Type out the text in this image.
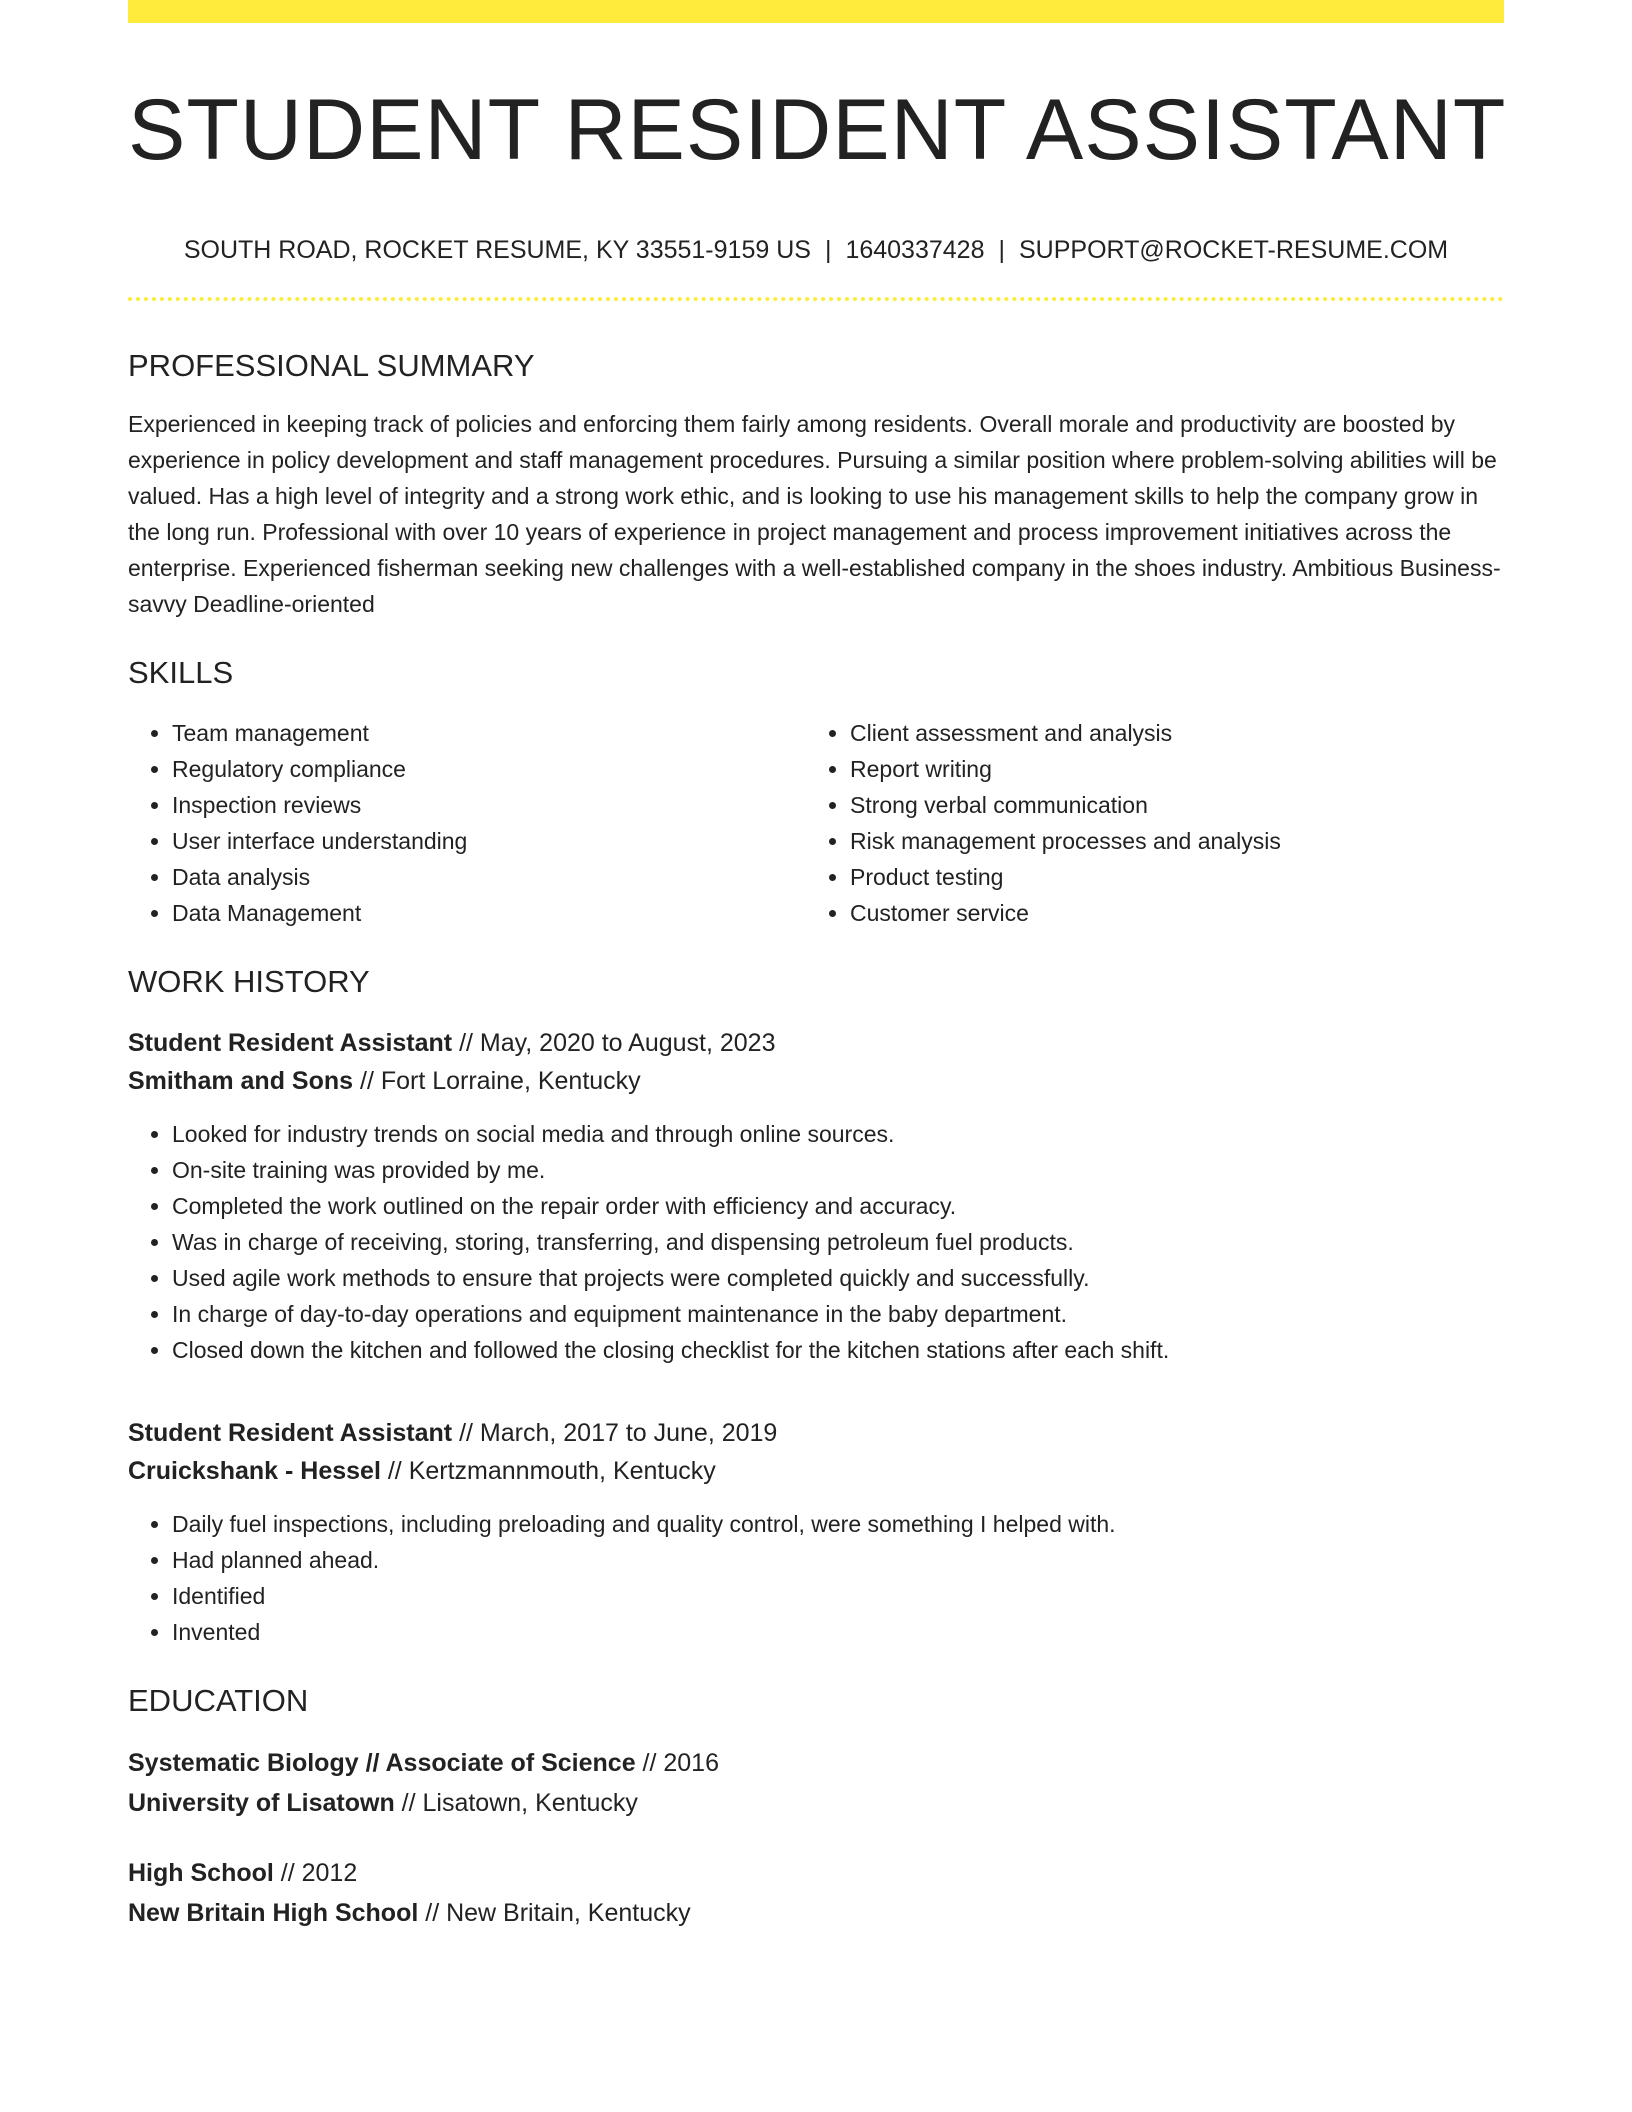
STUDENT RESIDENT ASSISTANT
SOUTH ROAD, ROCKET RESUME, KY 33551-9159 US | 1640337428 | SUPPORT@ROCKET-RESUME.COM
PROFESSIONAL SUMMARY

Experienced in keeping track of policies and enforcing them fairly among residents. Overall morale and productivity are boosted by experience in policy development and staff management procedures. Pursuing a similar position where problem-solving abilities will be valued. Has a high level of integrity and a strong work ethic, and is looking to use his management skills to help the company grow in the long run. Professional with over 10 years of experience in project management and process improvement initiatives across the enterprise. Experienced fisherman seeking new challenges with a well-established company in the shoes industry. Ambitious Business-savvy Deadline-oriented

SKILLS
• Team management
• Regulatory compliance
• Inspection reviews
• User interface understanding
• Data analysis
• Data Management
• Client assessment and analysis
• Report writing
• Strong verbal communication
• Risk management processes and analysis
• Product testing
• Customer service
WORK HISTORY
Student Resident Assistant // May, 2020 to August, 2023
Smitham and Sons // Fort Lorraine, Kentucky
• Looked for industry trends on social media and through online sources.
• On-site training was provided by me.
• Completed the work outlined on the repair order with efficiency and accuracy.
• Was in charge of receiving, storing, transferring, and dispensing petroleum fuel products.
• Used agile work methods to ensure that projects were completed quickly and successfully.
• In charge of day-to-day operations and equipment maintenance in the baby department.
• Closed down the kitchen and followed the closing checklist for the kitchen stations after each shift.
Student Resident Assistant // March, 2017 to June, 2019
Cruickshank - Hessel // Kertzmannmouth, Kentucky
• Daily fuel inspections, including preloading and quality control, were something I helped with.
• Had planned ahead.
• Identified
• Invented
EDUCATION
Systematic Biology // Associate of Science // 2016
University of Lisatown // Lisatown, Kentucky
High School // 2012
New Britain High School // New Britain, Kentucky
